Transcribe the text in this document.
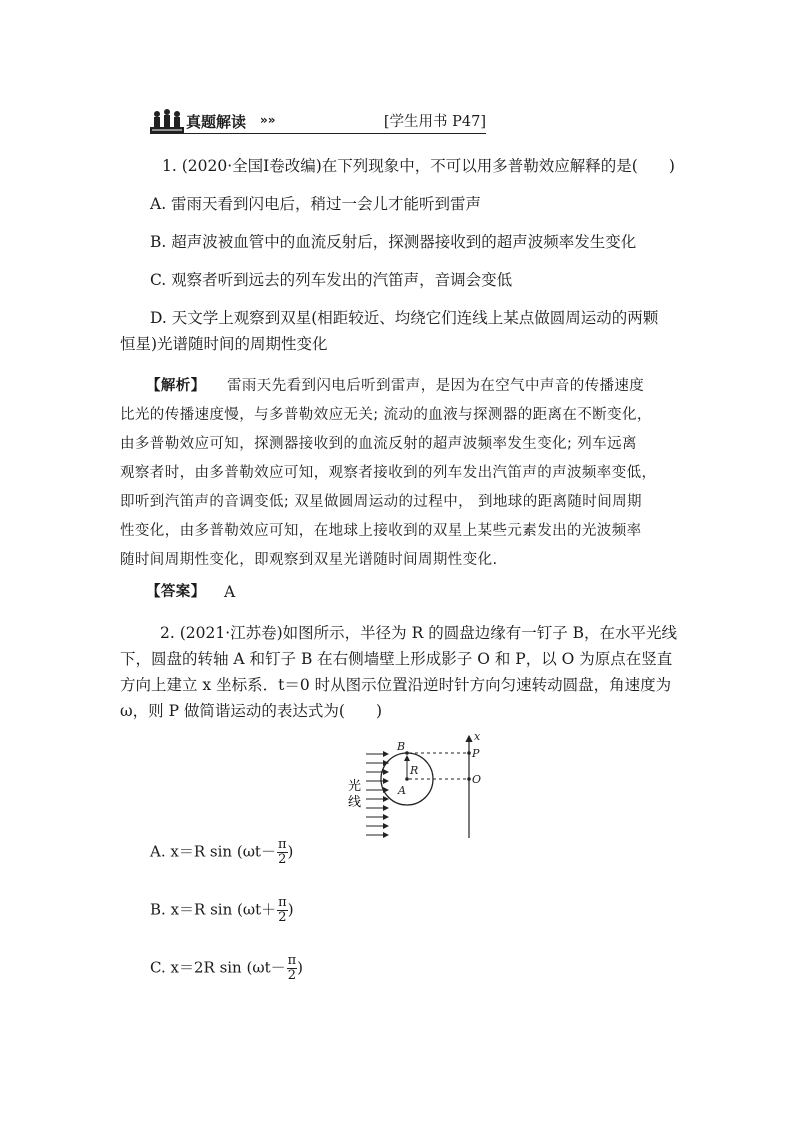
真题解读 »»	[学生用书 P47]
1. (2020·全国Ⅰ卷改编)在下列现象中，不可以用多普勒效应解释的是(　　)
A. 雷雨天看到闪电后，稍过一会儿才能听到雷声
B. 超声波被血管中的血流反射后，探测器接收到的超声波频率发生变化
C. 观察者听到远去的列车发出的汽笛声，音调会变低
D. 天文学上观察到双星(相距较近、均绕它们连线上某点做圆周运动的两颗
恒星)光谱随时间的周期性变化
【解析】 雷雨天先看到闪电后听到雷声，是因为在空气中声音的传播速度
比光的传播速度慢，与多普勒效应无关; 流动的血液与探测器的距离在不断变化，
由多普勒效应可知，探测器接收到的血流反射的超声波频率发生变化; 列车远离
观察者时，由多普勒效应可知，观察者接收到的列车发出汽笛声的声波频率变低，
即听到汽笛声的音调变低; 双星做圆周运动的过程中， 到地球的距离随时间周期
性变化，由多普勒效应可知，在地球上接收到的双星上某些元素发出的光波频率
随时间周期性变化，即观察到双星光谱随时间周期性变化.
【答案】 A
2. (2021·江苏卷)如图所示，半径为 R 的圆盘边缘有一钉子 B，在水平光线
下，圆盘的转轴 A 和钉子 B 在右侧墙壁上形成影子 O 和 P，以 O 为原点在竖直
方向上建立 x 坐标系．t＝0 时从图示位置沿逆时针方向匀速转动圆盘，角速度为
ω，则 P 做简谐运动的表达式为(　　)
光
线
B
R
A
P
O
x
A. x＝R $\sin (\omega t- \frac{\pi}{2}$ )
B. x＝R $\sin (\omega t+ \frac{\pi}{2}$ )
C. x＝2R $\sin (\omega t- \frac{\pi}{2}$ )
